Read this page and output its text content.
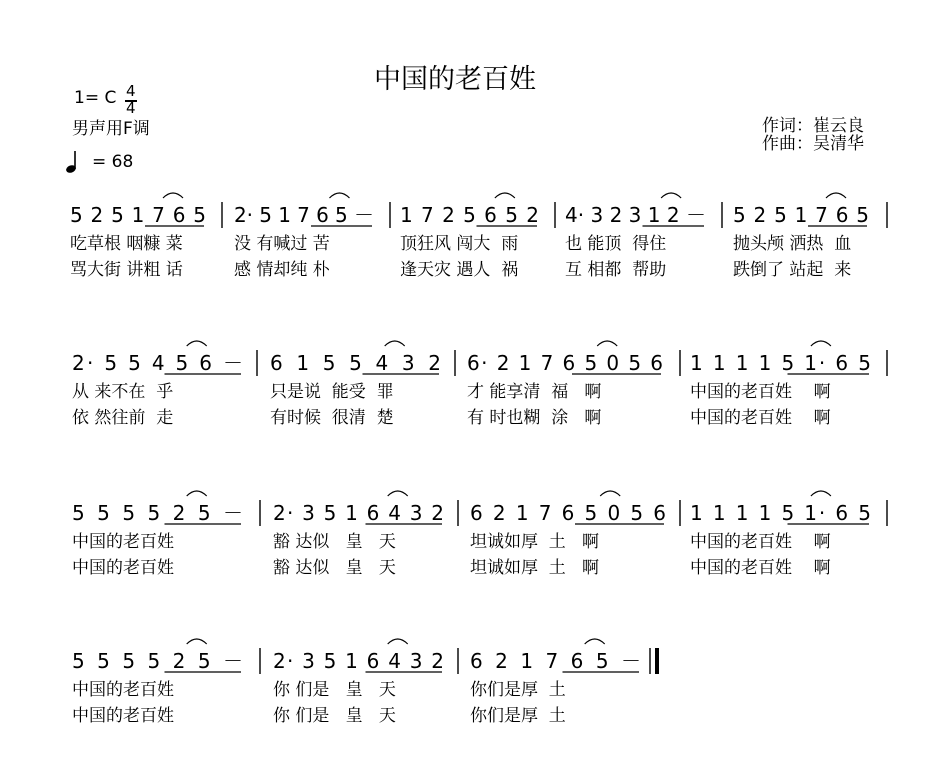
中国的老百姓
1= C 4
4
男声用F调
= 68
作词：崔云良
作曲：吴清华
5 2 5 1 7 6 5 2· 5 1 7 6 5 － 1 7 2 5 6 5 2 4· 3 2 3 1 2 － 5 2 5 1 7 6 5
2· 5 5 4 5 6 － 6 1 5 5 4 3 2 6· 2 1 7 6 5 0 5 6 1 1 1 1 5 1· 6 5
5 5 5 5 2 5 － 2· 3 5 1 6 4 3 2 6 2 1 7 6 5 0 5 6 1 1 1 1 5 1· 6 5
5 5 5 5 2 5 － 2· 3 5 1 6 4 3 2 6 2 1 7 6 5 －
吃草根 咽糠 菜	没 有喊过 苦	顶狂风 闯大  雨	也 能顶  得住	抛头颅 洒热  血
骂大街 讲粗 话	感 情却纯 朴	逢天灾 遇人  祸	互 相都  帮助	跌倒了 站起  来
从 来不在  乎	只是说  能受  罪	才 能享清  福   啊	中国的老百姓    啊
依 然往前  走	有时候  很清  楚	有 时也糊  涂   啊	中国的老百姓    啊
中国的老百姓	豁 达似   皇   天	坦诚如厚  土   啊	中国的老百姓    啊
中国的老百姓	豁 达似   皇   天	坦诚如厚  土   啊	中国的老百姓    啊
中国的老百姓	你 们是   皇   天	你们是厚  土
中国的老百姓	你 们是   皇   天	你们是厚  土
